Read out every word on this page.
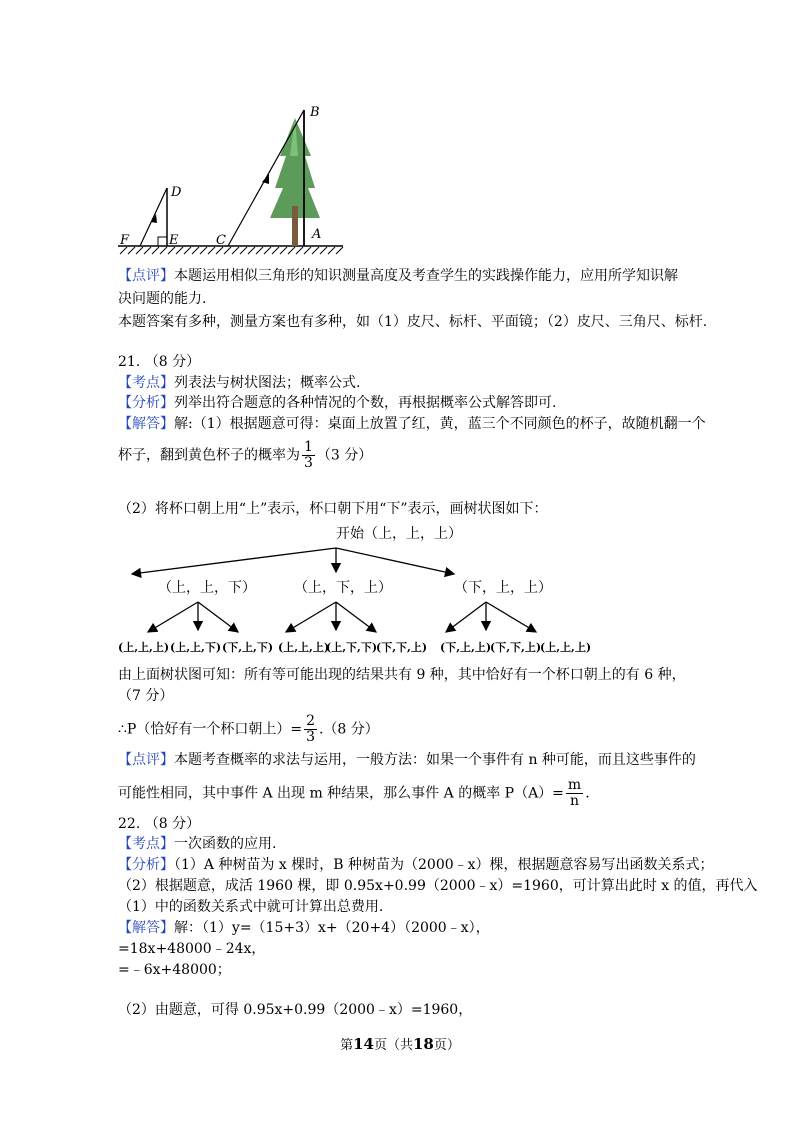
B
D
F	E	C	A
【点评】本题运用相似三角形的知识测量高度及考查学生的实践操作能力，应用所学知识解
决问题的能力.
本题答案有多种，测量方案也有多种，如（1）皮尺、标杆、平面镜；（2）皮尺、三角尺、标杆.
21. （8 分）
【考点】列表法与树状图法；概率公式.
【分析】列举出符合题意的各种情况的个数，再根据概率公式解答即可.
【解答】解:（1）根据题意可得：桌面上放置了红，黄，蓝三个不同颜色的杯子，故随机翻一个
杯子，翻到黄色杯子的概率为 $\frac{1}{3} (3$ 分）
（2）将杯口朝上用“上”表示，杯口朝下用“下”表示，画树状图如下：
开始（上，上，上）
（上，上，下）	（上，下，上）	（下，上，上）
(上,上,上) (上,上,下) (下,上,下) (上,上,上)
(上,下,下)
(下,下,上) (下,上,上)
(下,下,上)
(上,上,上)
由上面树状图可知：所有等可能出现的结果共有 9 种，其中恰好有一个杯口朝上的有 6 种，
（7 分）
∴P（恰好有一个杯口朝上）= $\frac{2}{3} .(8$ 分）
【点评】本题考查概率的求法与运用，一般方法：如果一个事件有 n 种可能，而且这些事件的
可能性相同，其中事件 A 出现 m 种结果，那么事件 A 的概率 $P(A)= \frac{m}{n}$ .
22. （8 分）
【考点】一次函数的应用.
【分析】（1）A 种树苗为 x 棵时，B 种树苗为（2000﹣x）棵，根据题意容易写出函数关系式；
（2）根据题意，成活 1960 棵，即 0.95x+0.99（2000﹣x）=1960，可计算出此时 x 的值，再代入
（1）中的函数关系式中就可计算出总费用.
【解答】解：（1）y=（15+3）x+（20+4）（2000﹣x），
=18x+48000﹣24x，
=﹣6x+48000；
（2）由题意，可得 0.95x+0.99（2000﹣x）=1960，
第14页（共18页）
